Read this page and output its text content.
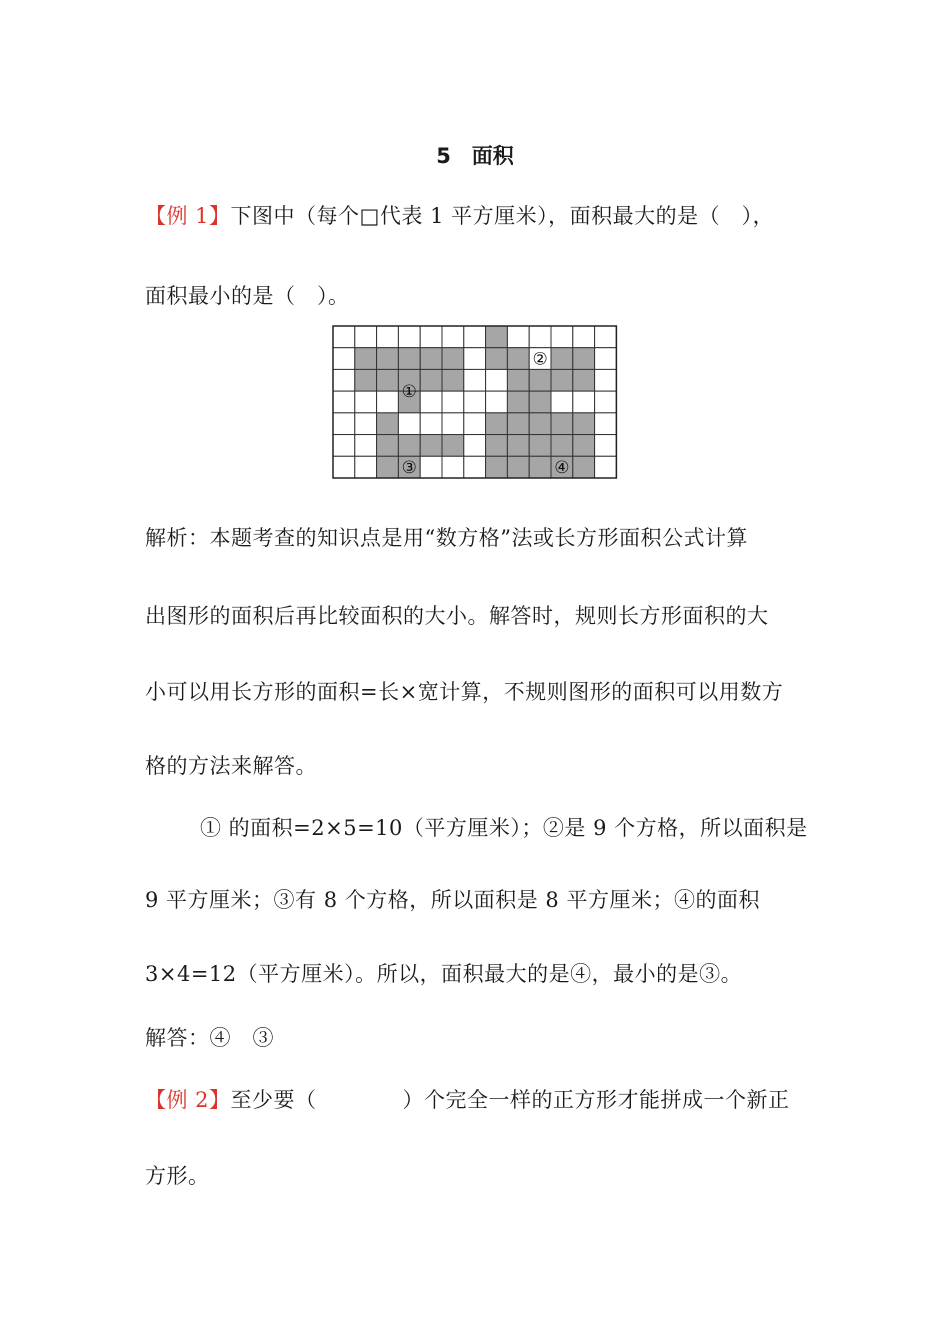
5　面积
【例 1】下图中（每个□代表 1 平方厘米），面积最大的是（　），
面积最小的是（　）。
②
①
③	④
解析：本题考查的知识点是用“数方格”法或长方形面积公式计算
出图形的面积后再比较面积的大小。解答时，规则长方形面积的大
小可以用长方形的面积=长×宽计算，不规则图形的面积可以用数方
格的方法来解答。
① 的面积=2×5=10（平方厘米）；②是 9 个方格，所以面积是
9 平方厘米；③有 8 个方格，所以面积是 8 平方厘米；④的面积
3×4=12（平方厘米）。所以，面积最大的是④，最小的是③。
解答：④　③
【例 2】至少要（　　　　）个完全一样的正方形才能拼成一个新正
方形。
